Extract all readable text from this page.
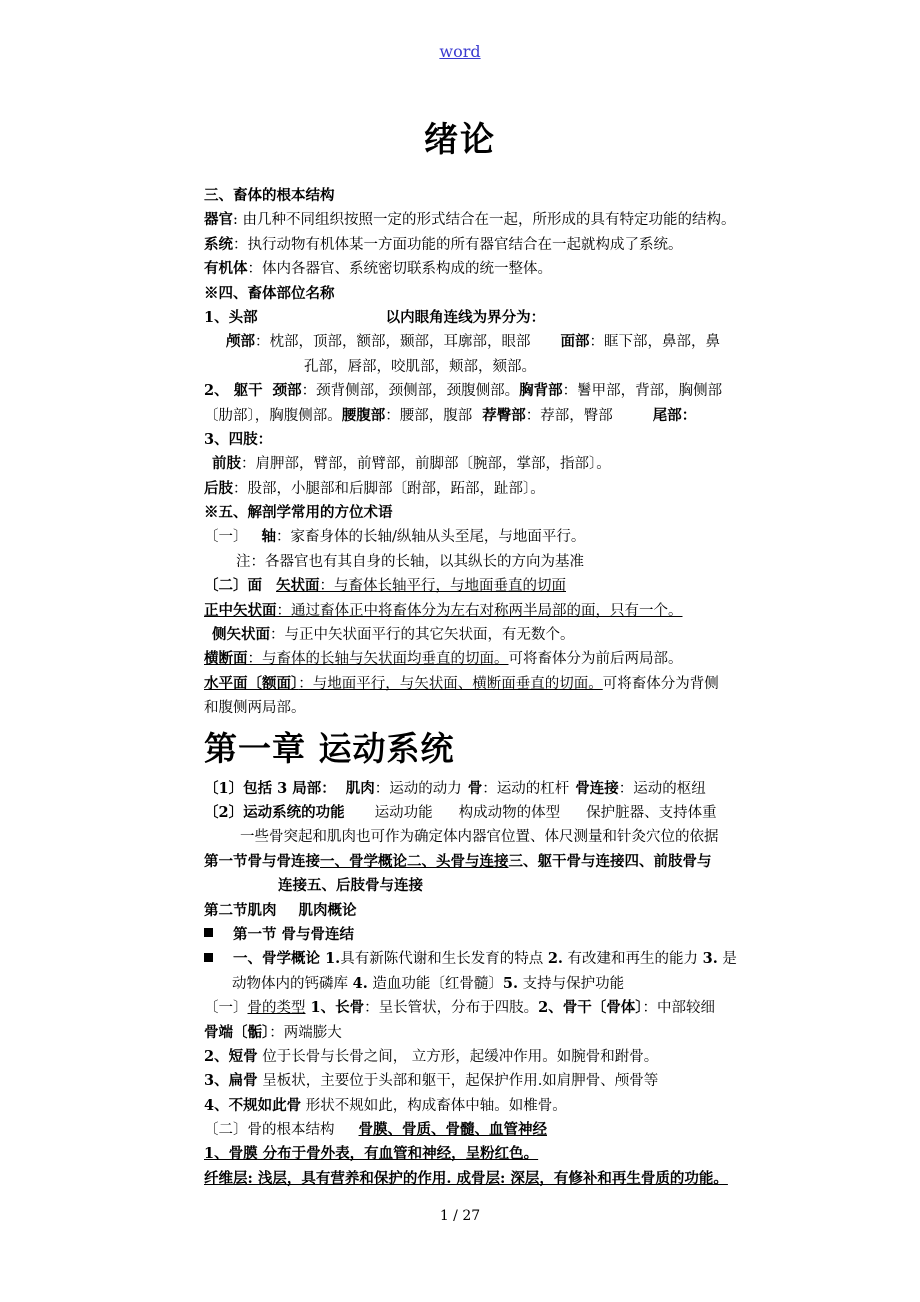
word
绪论
三、畜体的根本结构
器官: 由几种不同组织按照一定的形式结合在一起，所形成的具有特定功能的结构。
系统：执行动物有机体某一方面功能的所有器官结合在一起就构成了系统。
有机体：体内各器官、系统密切联系构成的统一整体。
※四、畜体部位名称
1、头部	以内眼角连线为界分为：
颅部：枕部，顶部，额部，颞部，耳廓部，眼部 面部：眶下部，鼻部，鼻
孔部，唇部，咬肌部，颊部，颏部。
2、 躯干 颈部：颈背侧部，颈侧部，颈腹侧部。胸背部：鬐甲部，背部，胸侧部
〔肋部〕，胸腹侧部。腰腹部：腰部，腹部 荐臀部：荐部，臀部	尾部：
3、四肢：
前肢：肩胛部，臂部，前臂部，前脚部〔腕部，掌部，指部〕。
后肢：股部，小腿部和后脚部〔跗部，跖部，趾部〕。
※五、解剖学常用的方位术语
〔一〕 轴：家畜身体的长轴/纵轴从头至尾，与地面平行。
注：各器官也有其自身的长轴，以其纵长的方向为基准
〔二〕面 矢状面：与畜体长轴平行，与地面垂直的切面
正中矢状面：通过畜体正中将畜体分为左右对称两半局部的面，只有一个。
侧矢状面：与正中矢状面平行的其它矢状面，有无数个。
横断面：与畜体的长轴与矢状面均垂直的切面。可将畜体分为前后两局部。
水平面〔额面〕：与地面平行，与矢状面、横断面垂直的切面。可将畜体分为背侧
和腹侧两局部。
第一章 运动系统
〔1〕包括 3 局部： 肌肉：运动的动力 骨：运动的杠杆 骨连接：运动的枢纽
〔2〕运动系统的功能 运动功能 构成动物的体型 保护脏器、支持体重
一些骨突起和肌肉也可作为确定体内器官位置、体尺测量和针灸穴位的依据
第一节骨与骨连接一、骨学概论二、头骨与连接三、躯干骨与连接四、前肢骨与
连接五、后肢骨与连接
第二节肌肉 肌肉概论
第一节 骨与骨连结
一、骨学概论 1.具有新陈代谢和生长发育的特点 2. 有改建和再生的能力 3. 是
动物体内的钙磷库 4. 造血功能〔红骨髓〕5. 支持与保护功能
〔一〕骨的类型 1、长骨：呈长管状，分布于四肢。2、骨干〔骨体〕：中部较细
骨端〔骺〕：两端膨大
2、短骨 位于长骨与长骨之间， 立方形，起缓冲作用。如腕骨和跗骨。
3、扁骨 呈板状，主要位于头部和躯干，起保护作用.如肩胛骨、颅骨等
4、不规如此骨 形状不规如此，构成畜体中轴。如椎骨。
〔二〕骨的根本结构 骨膜、骨质、骨髓、血管神经
1、骨膜 分布于骨外表，有血管和神经，呈粉红色。
纤维层: 浅层，具有营养和保护的作用. 成骨层: 深层，有修补和再生骨质的功能。
1 / 27
